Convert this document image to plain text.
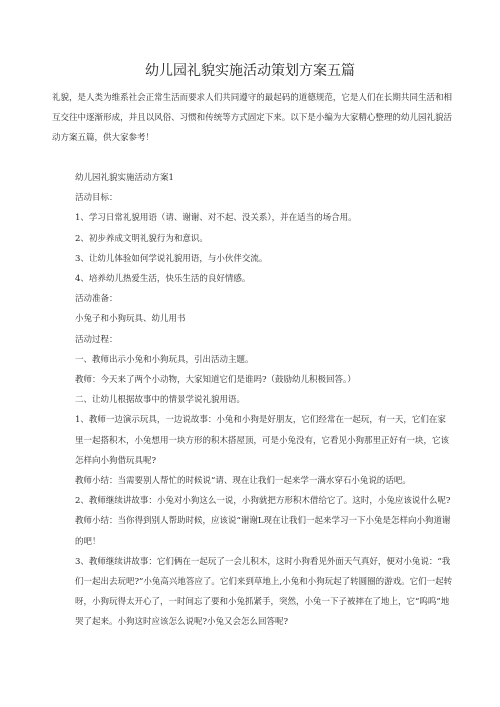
幼儿园礼貌实施活动策划方案五篇

礼貌，是人类为维系社会正常生活而要求人们共同遵守的最起码的道德规范，它是人们在长期共同生活和相互交往中逐渐形成，并且以风俗、习惯和传统等方式固定下来。以下是小编为大家精心整理的幼儿园礼貌活动方案五篇，供大家参考！

幼儿园礼貌实施活动方案1

活动目标：

1、学习日常礼貌用语（请、谢谢、对不起、没关系），并在适当的场合用。

2、初步养成文明礼貌行为和意识。

3、让幼儿体验如何学说礼貌用语，与小伙伴交流。

4、培养幼儿热爱生活，快乐生活的良好情感。

活动准备：

小兔子和小狗玩具、幼儿用书

活动过程：

一、教师出示小兔和小狗玩具，引出活动主题。

教师：今天来了两个小动物，大家知道它们是谁吗?（鼓励幼儿积极回答。）

二、让幼儿根据故事中的情景学说礼貌用语。

1、教师一边演示玩具，一边说故事：小兔和小狗是好朋友，它们经常在一起玩，有一天，它们在家里一起搭积木，小兔想用一块方形的积木搭屋顶，可是小兔没有，它看见小狗那里正好有一块，它该怎样向小狗借玩具呢?

教师小结：当需要别人帮忙的时候说“请、现在让我们一起来学一满水穿石小兔说的话吧。

2、教师继续讲故事：小兔对小狗这么一说，小狗就把方形积木借给它了。这时，小兔应该说什么呢?

教师小结：当你得到别人帮助时候，应该说“谢谢L现在让我们一起来学习一下小兔是怎样向小狗道谢的吧！

3、教师继续讲故事：它们俩在一起玩了一会儿积木，这时小狗看见外面天气真好，便对小兔说：“我们一起出去玩吧?”小兔高兴地答应了。它们来到草地上,小兔和小狗玩起了转圆圈的游戏。它们一起转呀，小狗玩得太开心了，一时间忘了要和小兔抓紧手，突然，小兔一下子被摔在了地上，它“呜呜”地哭了起来。小狗这时应该怎么说呢?小兔又会怎么回答呢?
